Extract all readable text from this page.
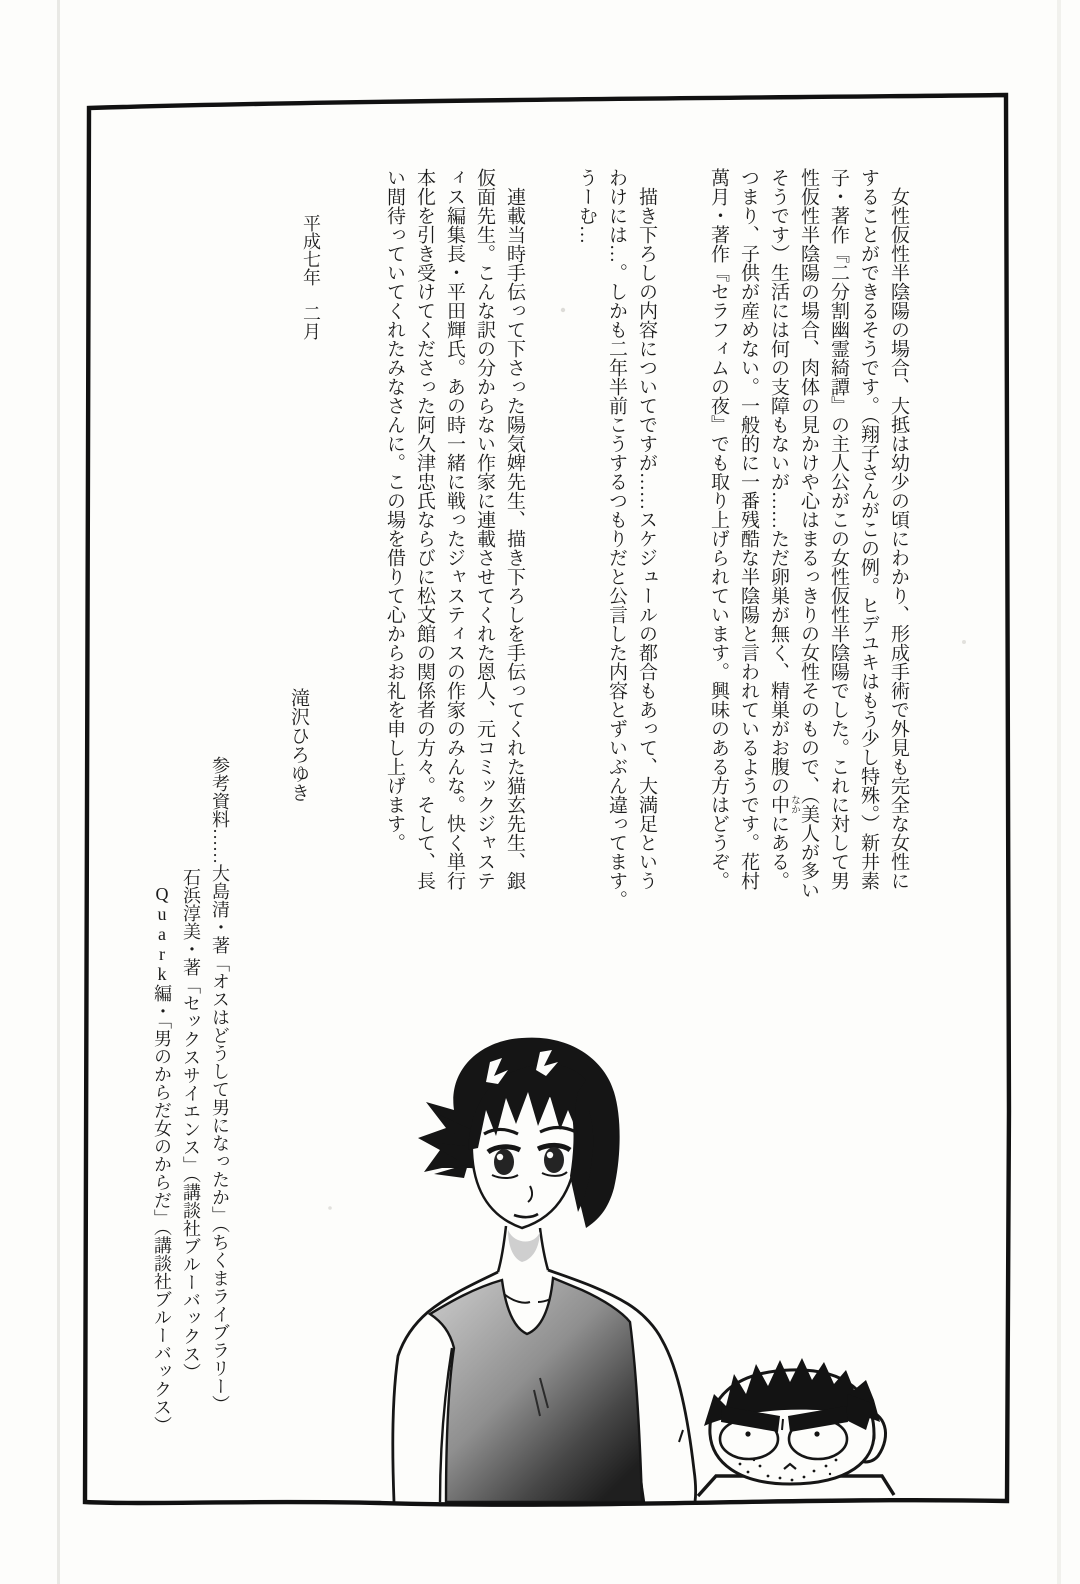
女性仮性半陰陽の場合、大抵は幼少の頃にわかり、形成手術で外見も完全な女性に
することができるそうです。（翔子さんがこの例。ヒデユキはもう少し特殊。）新井素
子・著作『二分割幽霊綺譚』の主人公がこの女性仮性半陰陽でした。これに対して男
性仮性半陰陽の場合、肉体の見かけや心はまるっきりの女性そのもので、（美人が多い
そうです）生活には何の支障もないが……ただ卵巣が無く、精巣がお腹の中にある。
つまり、子供が産めない。一般的に一番残酷な半陰陽と言われているようです。花村
萬月・著作『セラフィムの夜』でも取り上げられています。興味のある方はどうぞ。
描き下ろしの内容についてですが……スケジュールの都合もあって、大満足という
わけには…。しかも二年半前こうするつもりだと公言した内容とずいぶん違ってます。
うーむ…
連載当時手伝って下さった陽気婢先生、描き下ろしを手伝ってくれた猫玄先生、銀
仮面先生。こんな訳の分からない作家に連載させてくれた恩人、元コミックジャステ
ィス編集長・平田輝氏。あの時一緒に戦ったジャスティスの作家のみんな。快く単行
本化を引き受けてくださった阿久津忠氏ならびに松文館の関係者の方々。そして、長
い間待っていてくれたみなさんに。この場を借りて心からお礼を申し上げます。	なか
平成七年　二月
滝沢ひろゆき
参考資料……大島清・著「オスはどうして男になったか」（ちくまライブラリー）
石浜淳美・著「セックスサイエンス」（講談社ブルーバックス）
Quark編・「男のからだ女のからだ」（講談社ブルーバックス）
